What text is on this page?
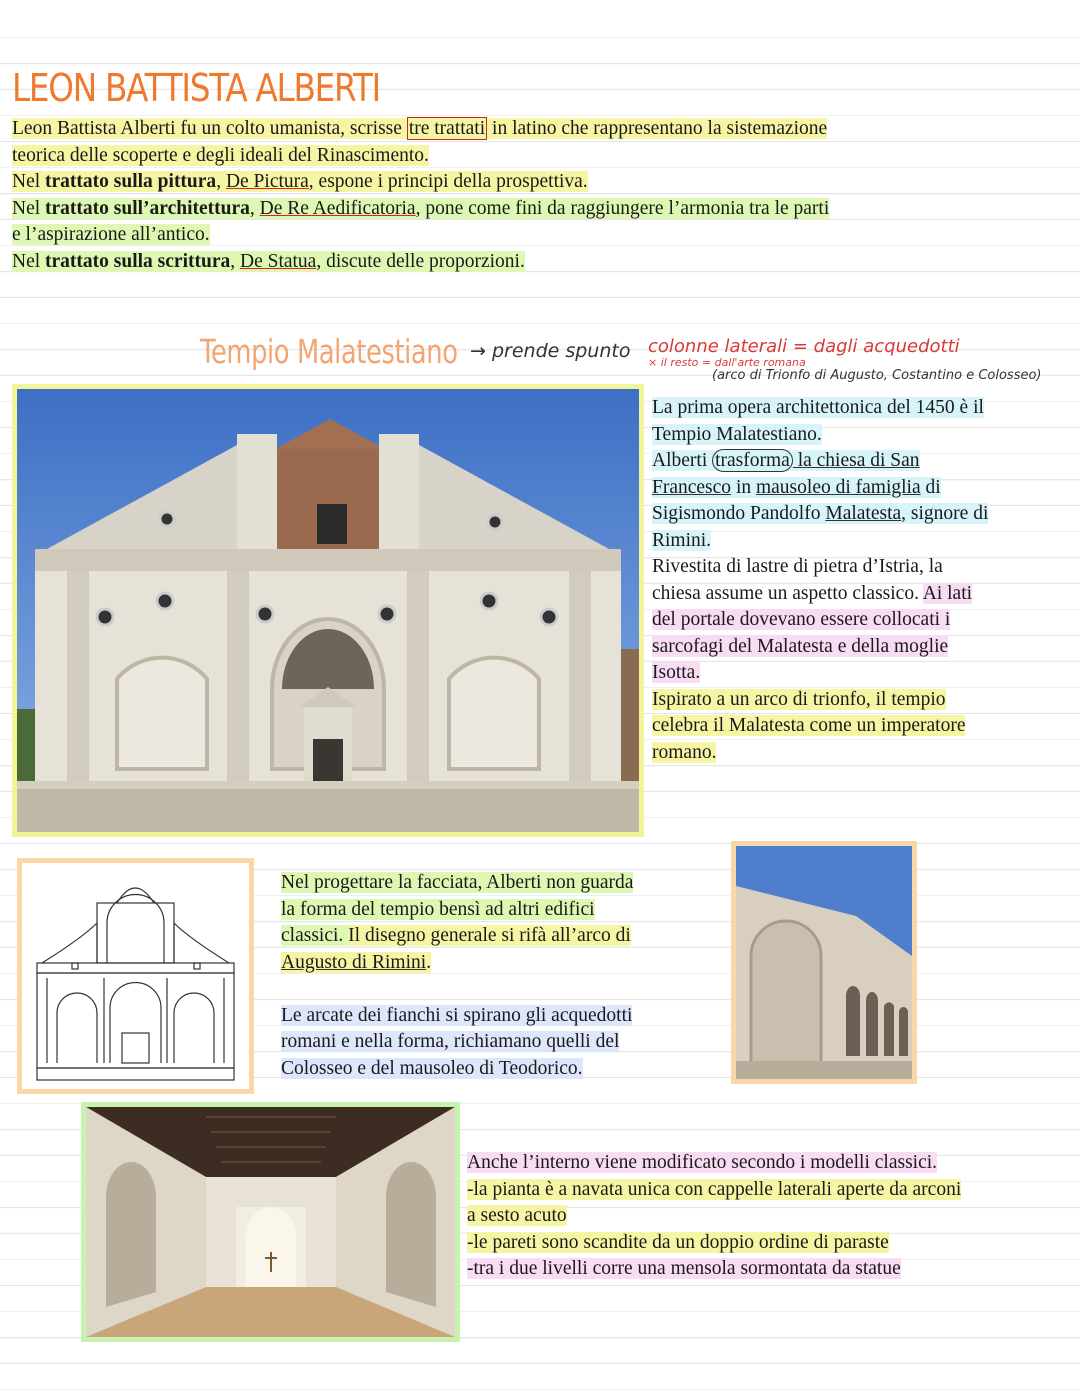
LEON BATTISTA ALBERTI
Leon Battista Alberti fu un colto umanista, scrisse tre trattati in latino che rappresentano la sistemazione
teorica delle scoperte e degli ideali del Rinascimento.
Nel trattato sulla pittura, De Pictura, espone i principi della prospettiva.
Nel trattato sull’architettura, De Re Aedificatoria, pone come fini da raggiungere l’armonia tra le parti
e l’aspirazione all’antico.
Nel trattato sulla scrittura, De Statua, discute delle proporzioni.
Tempio Malatestiano → prende spunto colonne laterali = dagli acquedotti
× il resto = dall'arte romana
(arco di Trionfo di Augusto, Costantino e Colosseo)
La prima opera architettonica del 1450 è il
Tempio Malatestiano.
Alberti trasforma la chiesa di San
Francesco in mausoleo di famiglia di
Sigismondo Pandolfo Malatesta, signore di
Rimini.
Rivestita di lastre di pietra d’Istria, la
chiesa assume un aspetto classico. Ai lati
del portale dovevano essere collocati i
sarcofagi del Malatesta e della moglie
Isotta.
Ispirato a un arco di trionfo, il tempio
celebra il Malatesta come un imperatore
romano.
Nel progettare la facciata, Alberti non guarda
la forma del tempio bensì ad altri edifici
classici. Il disegno generale si rifà all’arco di
Augusto di Rimini.
Le arcate dei fianchi si spirano gli acquedotti
romani e nella forma, richiamano quelli del
Colosseo e del mausoleo di Teodorico.
Anche l’interno viene modificato secondo i modelli classici.
-la pianta è a navata unica con cappelle laterali aperte da arconi
a sesto acuto
-le pareti sono scandite da un doppio ordine di paraste
-tra i due livelli corre una mensola sormontata da statue
